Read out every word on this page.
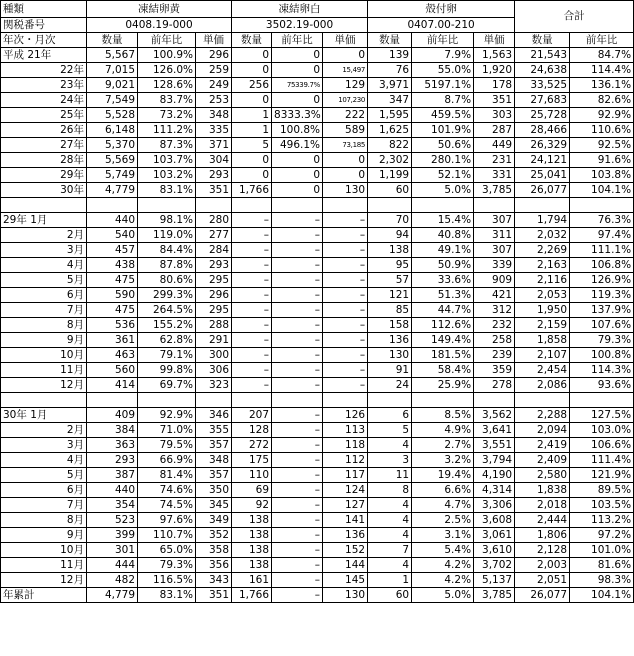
種類	凍結卵黄			凍結卵白			殻付卵			合計	
関税番号	0408.19-000			3502.19-000			0407.00-210				
年次・月次	数量	前年比	単価	数量	前年比	単価	数量	前年比	単価	数量	前年比
平成 21年	5,567	100.9%	296	0	0	0	139	7.9%	1,563	21,543	84.7%
22年	7,015	126.0%	259	0	0	15,497	76	55.0%	1,920	24,638	114.4%
23年	9,021	128.6%	249	256	75339.7%	129	3,971	5197.1%	178	33,525	136.1%
24年	7,549	83.7%	253	0	0	107,230	347	8.7%	351	27,683	82.6%
25年	5,528	73.2%	348	1	8333.3%	222	1,595	459.5%	303	25,728	92.9%
26年	6,148	111.2%	335	1	100.8%	589	1,625	101.9%	287	28,466	110.6%
27年	5,370	87.3%	371	5	496.1%	73,185	822	50.6%	449	26,329	92.5%
28年	5,569	103.7%	304	0	0	0	2,302	280.1%	231	24,121	91.6%
29年	5,749	103.2%	293	0	0	0	1,199	52.1%	331	25,041	103.8%
30年	4,779	83.1%	351	1,766	0	130	60	5.0%	3,785	26,077	104.1%

29年 1月	440	98.1%	280	–	–	–	70	15.4%	307	1,794	76.3%
2月	540	119.0%	277	–	–	–	94	40.8%	311	2,032	97.4%
3月	457	84.4%	284	–	–	–	138	49.1%	307	2,269	111.1%
4月	438	87.8%	293	–	–	–	95	50.9%	339	2,163	106.8%
5月	475	80.6%	295	–	–	–	57	33.6%	909	2,116	126.9%
6月	590	299.3%	296	–	–	–	121	51.3%	421	2,053	119.3%
7月	475	264.5%	295	–	–	–	85	44.7%	312	1,950	137.9%
8月	536	155.2%	288	–	–	–	158	112.6%	232	2,159	107.6%
9月	361	62.8%	291	–	–	–	136	149.4%	258	1,858	79.3%
10月	463	79.1%	300	–	–	–	130	181.5%	239	2,107	100.8%
11月	560	99.8%	306	–	–	–	91	58.4%	359	2,454	114.3%
12月	414	69.7%	323	–	–	–	24	25.9%	278	2,086	93.6%

30年 1月	409	92.9%	346	207	–	126	6	8.5%	3,562	2,288	127.5%
2月	384	71.0%	355	128	–	113	5	4.9%	3,641	2,094	103.0%
3月	363	79.5%	357	272	–	118	4	2.7%	3,551	2,419	106.6%
4月	293	66.9%	348	175	–	112	3	3.2%	3,794	2,409	111.4%
5月	387	81.4%	357	110	–	117	11	19.4%	4,190	2,580	121.9%
6月	440	74.6%	350	69	–	124	8	6.6%	4,314	1,838	89.5%
7月	354	74.5%	345	92	–	127	4	4.7%	3,306	2,018	103.5%
8月	523	97.6%	349	138	–	141	4	2.5%	3,608	2,444	113.2%
9月	399	110.7%	352	138	–	136	4	3.1%	3,061	1,806	97.2%
10月	301	65.0%	358	138	–	152	7	5.4%	3,610	2,128	101.0%
11月	444	79.3%	356	138	–	144	4	4.2%	3,702	2,003	81.6%
12月	482	116.5%	343	161	–	145	1	4.2%	5,137	2,051	98.3%
年累計	4,779	83.1%	351	1,766	–	130	60	5.0%	3,785	26,077	104.1%
